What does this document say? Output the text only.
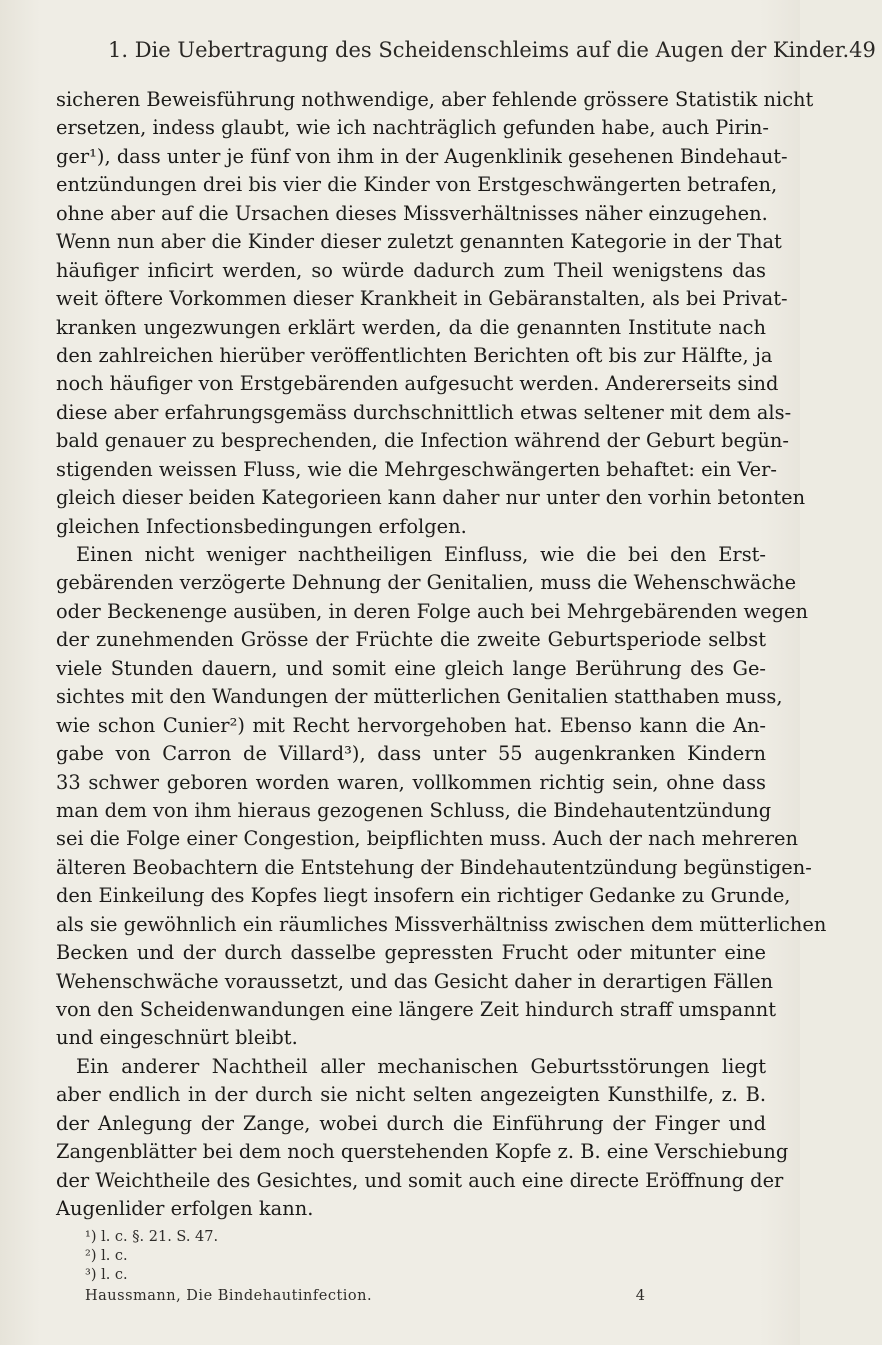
1. Die Uebertragung des Scheidenschleims auf die Augen der Kinder. 49
sicheren Beweisführung nothwendige, aber fehlende grössere Statistik nicht
ersetzen, indess glaubt, wie ich nachträglich gefunden habe, auch Pirin-
ger¹), dass unter je fünf von ihm in der Augenklinik gesehenen Bindehaut-
entzündungen drei bis vier die Kinder von Erstgeschwängerten betrafen,
ohne aber auf die Ursachen dieses Missverhältnisses näher einzugehen.
Wenn nun aber die Kinder dieser zuletzt genannten Kategorie in der That
häufiger inficirt werden, so würde dadurch zum Theil wenigstens das
weit öftere Vorkommen dieser Krankheit in Gebäranstalten, als bei Privat-
kranken ungezwungen erklärt werden, da die genannten Institute nach
den zahlreichen hierüber veröffentlichten Berichten oft bis zur Hälfte, ja
noch häufiger von Erstgebärenden aufgesucht werden. Andererseits sind
diese aber erfahrungsgemäss durchschnittlich etwas seltener mit dem als-
bald genauer zu besprechenden, die Infection während der Geburt begün-
stigenden weissen Fluss, wie die Mehrgeschwängerten behaftet: ein Ver-
gleich dieser beiden Kategorieen kann daher nur unter den vorhin betonten
gleichen Infectionsbedingungen erfolgen.
Einen nicht weniger nachtheiligen Einfluss, wie die bei den Erst-
gebärenden verzögerte Dehnung der Genitalien, muss die Wehenschwäche
oder Beckenenge ausüben, in deren Folge auch bei Mehrgebärenden wegen
der zunehmenden Grösse der Früchte die zweite Geburtsperiode selbst
viele Stunden dauern, und somit eine gleich lange Berührung des Ge-
sichtes mit den Wandungen der mütterlichen Genitalien statthaben muss,
wie schon Cunier²) mit Recht hervorgehoben hat. Ebenso kann die An-
gabe von Carron de Villard³), dass unter 55 augenkranken Kindern
33 schwer geboren worden waren, vollkommen richtig sein, ohne dass
man dem von ihm hieraus gezogenen Schluss, die Bindehautentzündung
sei die Folge einer Congestion, beipflichten muss. Auch der nach mehreren
älteren Beobachtern die Entstehung der Bindehautentzündung begünstigen-
den Einkeilung des Kopfes liegt insofern ein richtiger Gedanke zu Grunde,
als sie gewöhnlich ein räumliches Missverhältniss zwischen dem mütterlichen
Becken und der durch dasselbe gepressten Frucht oder mitunter eine
Wehenschwäche voraussetzt, und das Gesicht daher in derartigen Fällen
von den Scheidenwandungen eine längere Zeit hindurch straff umspannt
und eingeschnürt bleibt.
Ein anderer Nachtheil aller mechanischen Geburtsstörungen liegt
aber endlich in der durch sie nicht selten angezeigten Kunsthilfe, z. B.
der Anlegung der Zange, wobei durch die Einführung der Finger und
Zangenblätter bei dem noch querstehenden Kopfe z. B. eine Verschiebung
der Weichtheile des Gesichtes, und somit auch eine directe Eröffnung der
Augenlider erfolgen kann.
¹) l. c. §. 21. S. 47.
²) l. c.
³) l. c.
Haussmann, Die Bindehautinfection.	4
